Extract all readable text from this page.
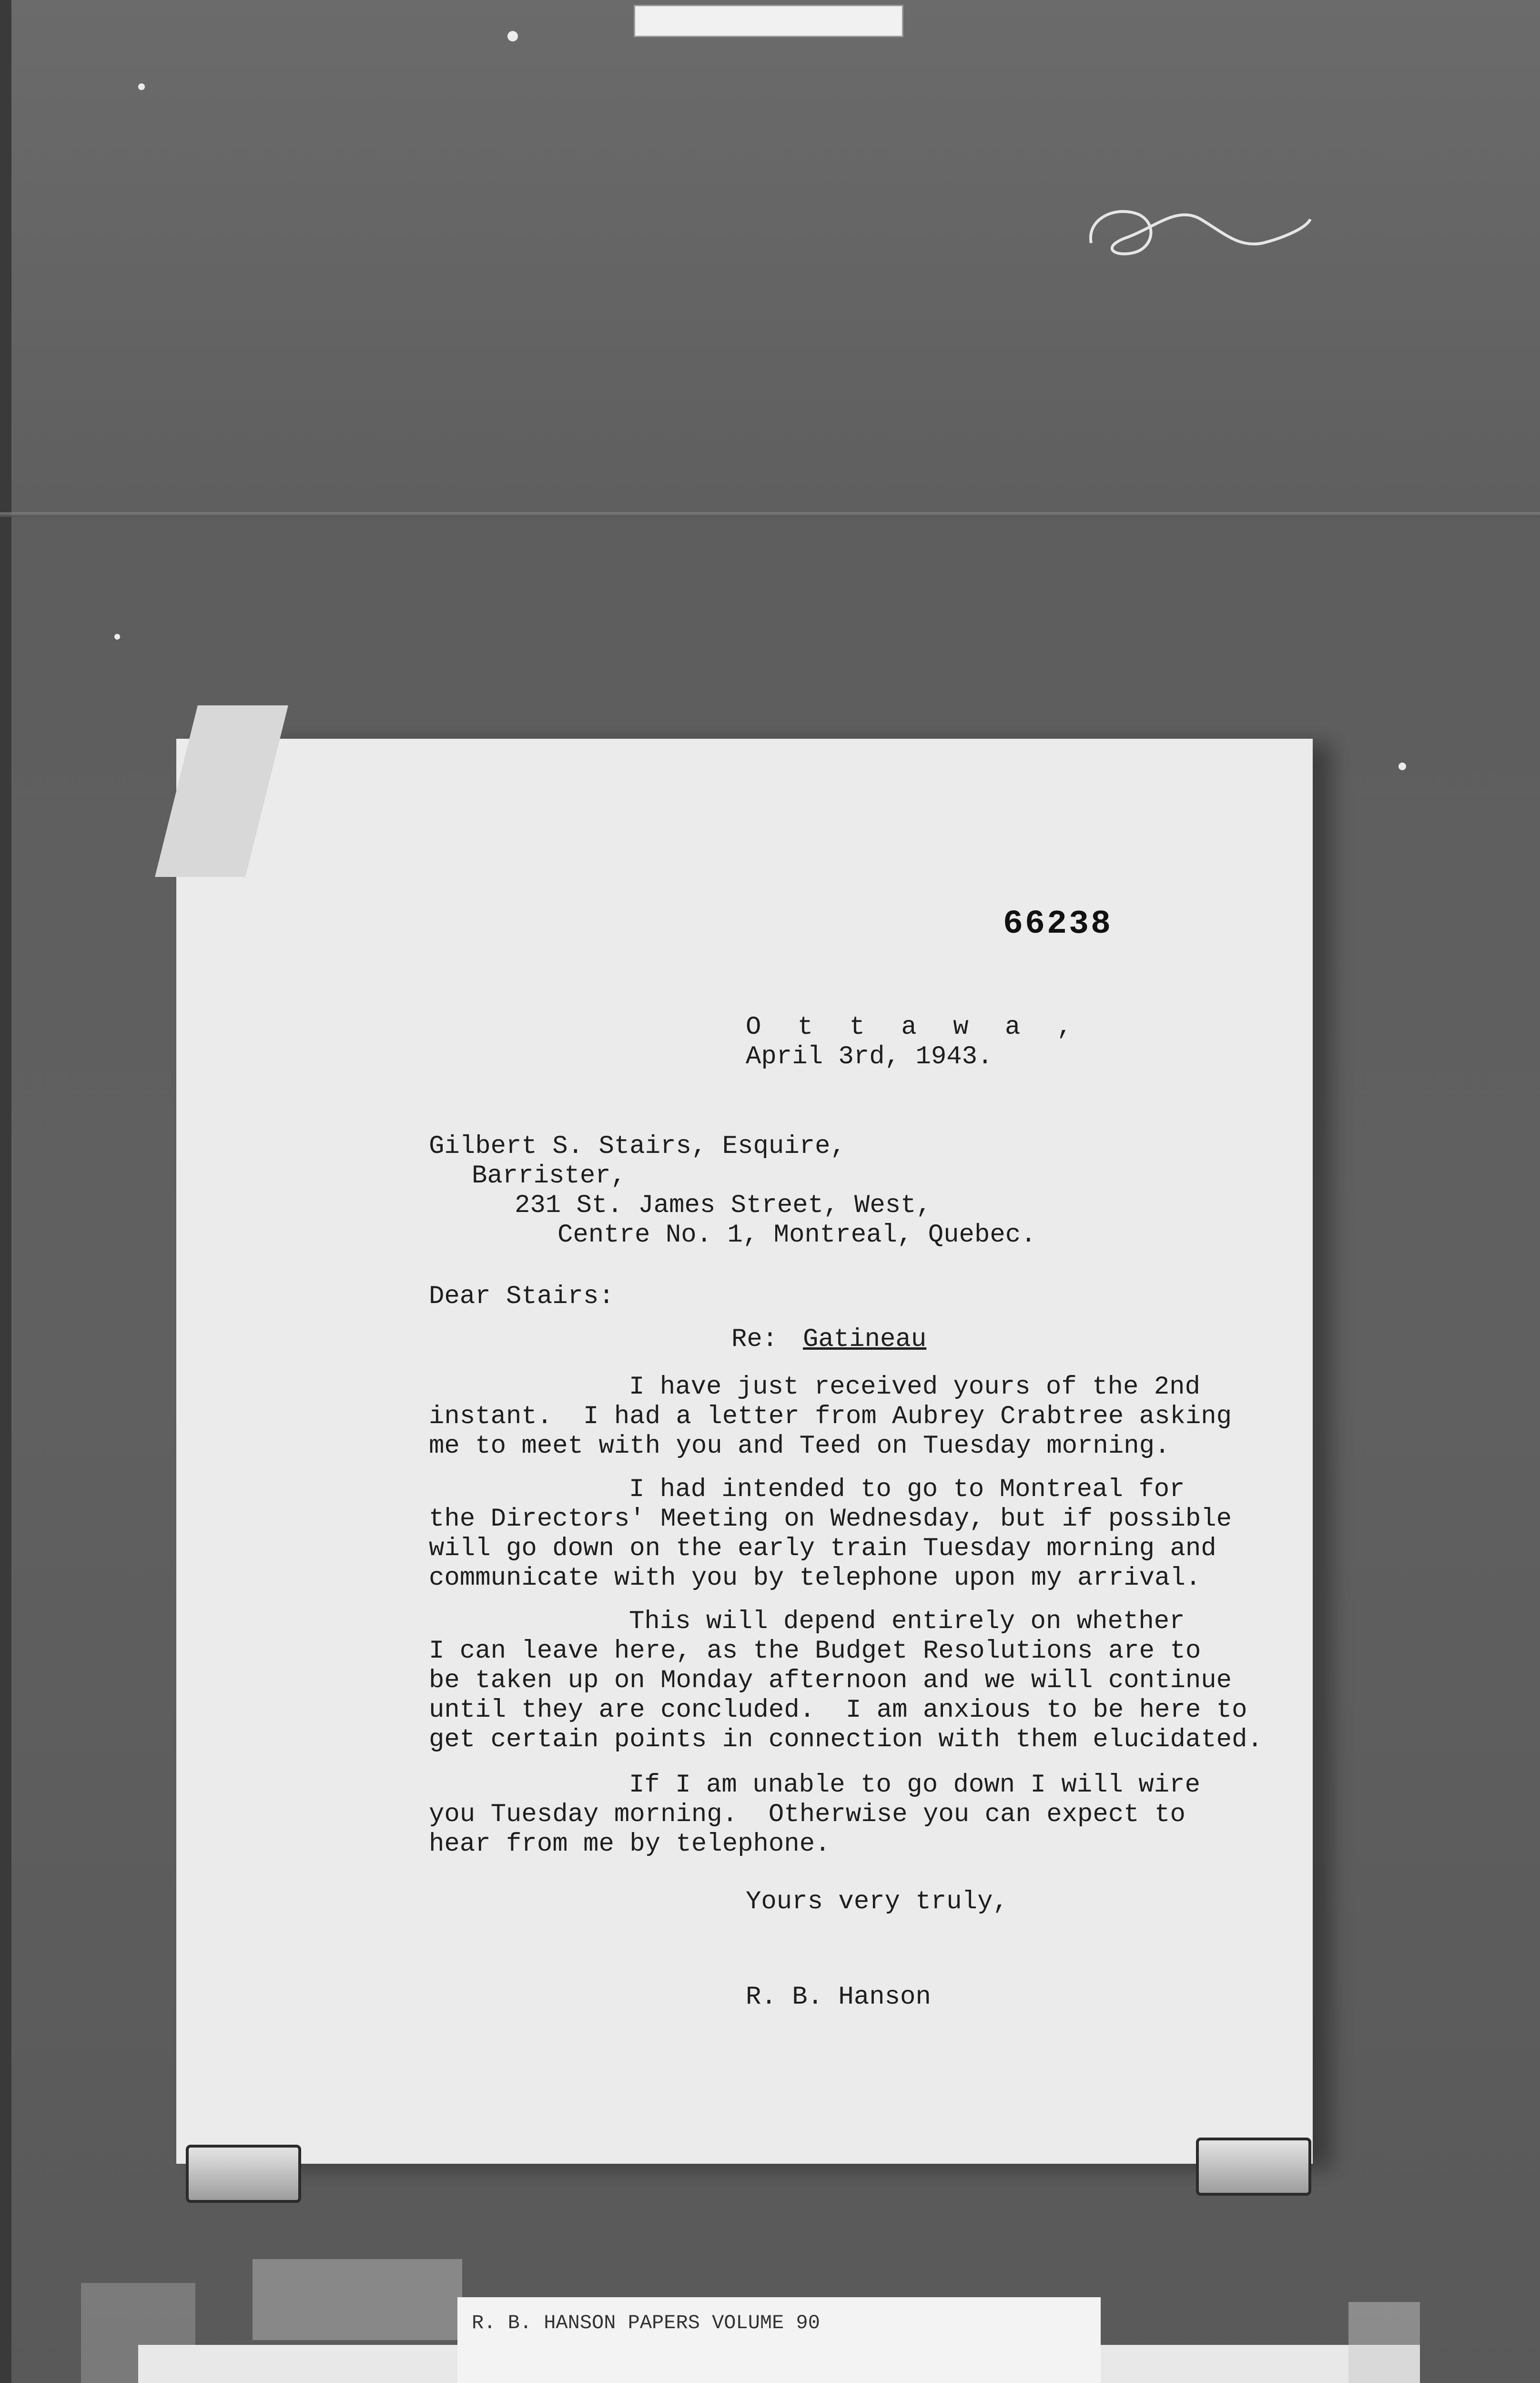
66238

O t t a w a ,

April 3rd, 1943.

Gilbert S. Stairs, Esquire,

Barrister,

231 St. James Street, West,

Centre No. 1, Montreal, Quebec.

Dear Stairs:

Re: Gatineau

I have just received yours of the 2nd

instant.  I had a letter from Aubrey Crabtree asking

me to meet with you and Teed on Tuesday morning.

I had intended to go to Montreal for

the Directors' Meeting on Wednesday, but if possible

will go down on the early train Tuesday morning and

communicate with you by telephone upon my arrival.

This will depend entirely on whether

I can leave here, as the Budget Resolutions are to

be taken up on Monday afternoon and we will continue

until they are concluded.  I am anxious to be here to

get certain points in connection with them elucidated.

If I am unable to go down I will wire

you Tuesday morning.  Otherwise you can expect to

hear from me by telephone.

Yours very truly,

R. B. Hanson

R. B. HANSON PAPERS VOLUME 90
